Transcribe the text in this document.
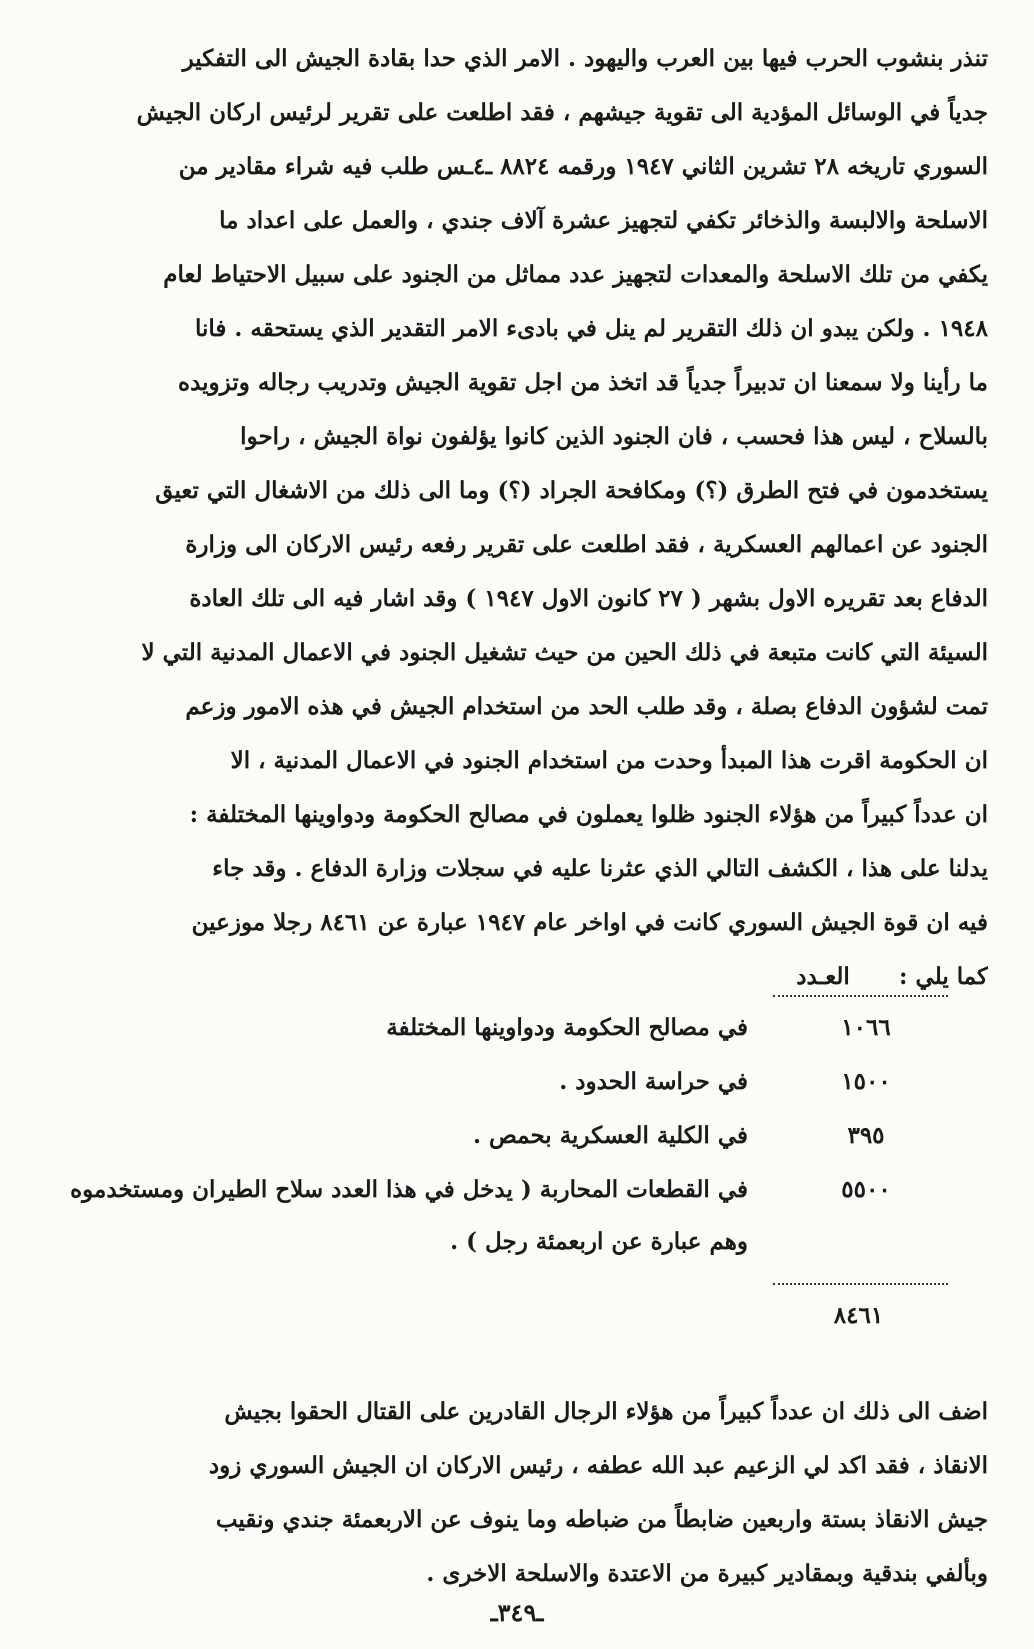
تنذر بنشوب الحرب فيها بين العرب واليهود . الامر الذي حدا بقادة الجيش الى التفكير
جدياً في الوسائل المؤدية الى تقوية جيشهم ، فقد اطلعت على تقرير لرئيس اركان الجيش
السوري تاريخه ٢٨ تشرين الثاني ١٩٤٧ ورقمه ٨٨٢٤ ـ٤ـس طلب فيه شراء مقادير من
الاسلحة والالبسة والذخائر تكفي لتجهيز عشرة آلاف جندي ، والعمل على اعداد ما
يكفي من تلك الاسلحة والمعدات لتجهيز عدد مماثل من الجنود على سبيل الاحتياط لعام
١٩٤٨ . ولكن يبدو ان ذلك التقرير لم ينل في بادىء الامر التقدير الذي يستحقه . فانا
ما رأينا ولا سمعنا ان تدبيراً جدياً قد اتخذ من اجل تقوية الجيش وتدريب رجاله وتزويده
بالسلاح ، ليس هذا فحسب ، فان الجنود الذين كانوا يؤلفون نواة الجيش ، راحوا
يستخدمون في فتح الطرق (؟) ومكافحة الجراد (؟) وما الى ذلك من الاشغال التي تعيق
الجنود عن اعمالهم العسكرية ، فقد اطلعت على تقرير رفعه رئيس الاركان الى وزارة
الدفاع بعد تقريره الاول بشهر ( ٢٧ كانون الاول ١٩٤٧ ) وقد اشار فيه الى تلك العادة
السيئة التي كانت متبعة في ذلك الحين من حيث تشغيل الجنود في الاعمال المدنية التي لا
تمت لشؤون الدفاع بصلة ، وقد طلب الحد من استخدام الجيش في هذه الامور وزعم
ان الحكومة اقرت هذا المبدأ وحدت من استخدام الجنود في الاعمال المدنية ، الا
ان عدداً كبيراً من هؤلاء الجنود ظلوا يعملون في مصالح الحكومة ودواوينها المختلفة :
يدلنا على هذا ، الكشف التالي الذي عثرنا عليه في سجلات وزارة الدفاع . وقد جاء
فيه ان قوة الجيش السوري كانت في اواخر عام ١٩٤٧ عبارة عن ٨٤٦١ رجلا موزعين
كما يلي :
العـدد
١٠٦٦
في مصالح الحكومة ودواوينها المختلفة
١٥٠٠
في حراسة الحدود .
٣٩٥
في الكلية العسكرية بحمص .
٥٥٠٠
في القطعات المحاربة ( يدخل في هذا العدد سلاح الطيران ومستخدموه
وهم عبارة عن اربعمئة رجل ) .
٨٤٦١
اضف الى ذلك ان عدداً كبيراً من هؤلاء الرجال القادرين على القتال الحقوا بجيش
الانقاذ ، فقد اكد لي الزعيم عبد الله عطفه ، رئيس الاركان ان الجيش السوري زود
جيش الانقاذ بستة واربعين ضابطاً من ضباطه وما ينوف عن الاربعمئة جندي ونقيب
وبألفي بندقية وبمقادير كبيرة من الاعتدة والاسلحة الاخرى .
ـ٣٤٩ـ
